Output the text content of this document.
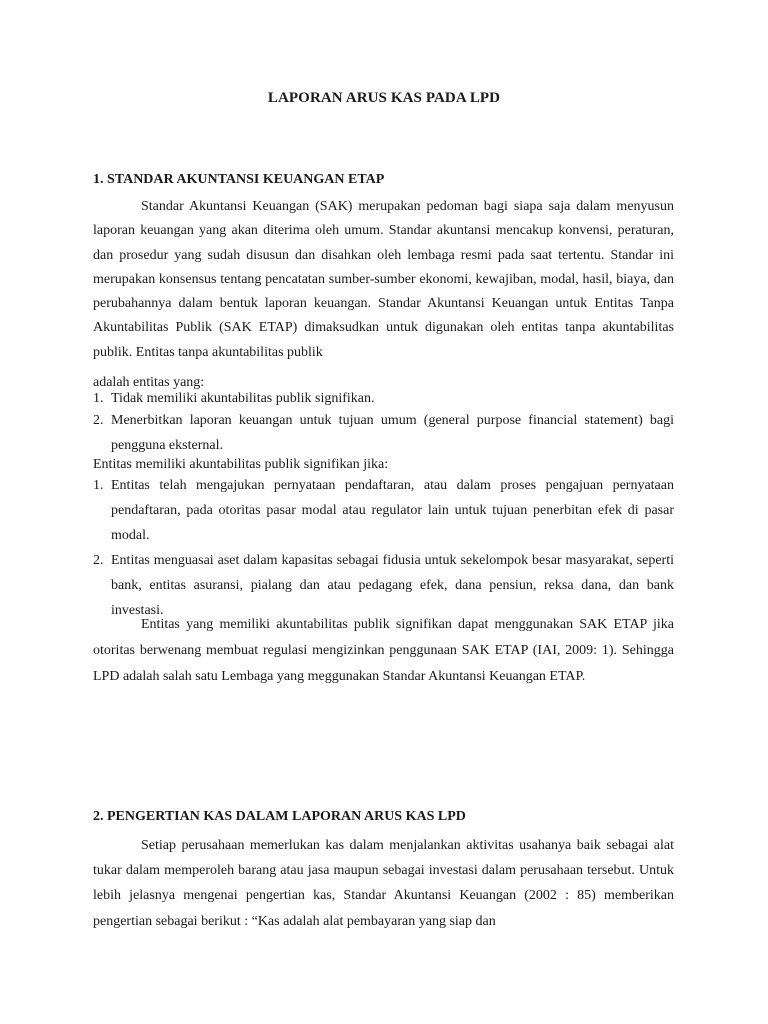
LAPORAN ARUS KAS PADA LPD
1. STANDAR AKUNTANSI KEUANGAN ETAP

Standar Akuntansi Keuangan (SAK) merupakan pedoman bagi siapa saja dalam menyusun laporan keuangan yang akan diterima oleh umum. Standar akuntansi mencakup konvensi, peraturan, dan prosedur yang sudah disusun dan disahkan oleh lembaga resmi pada saat tertentu. Standar ini merupakan konsensus tentang pencatatan sumber-sumber ekonomi, kewajiban, modal, hasil, biaya, dan perubahannya dalam bentuk laporan keuangan. Standar Akuntansi Keuangan untuk Entitas Tanpa Akuntabilitas Publik (SAK ETAP) dimaksudkan untuk digunakan oleh entitas tanpa akuntabilitas publik. Entitas tanpa akuntabilitas publik

adalah entitas yang:

1. Tidak memiliki akuntabilitas publik signifikan.
2. Menerbitkan laporan keuangan untuk tujuan umum (general purpose financial statement) bagi pengguna eksternal.

Entitas memiliki akuntabilitas publik signifikan jika:

1. Entitas telah mengajukan pernyataan pendaftaran, atau dalam proses pengajuan pernyataan pendaftaran, pada otoritas pasar modal atau regulator lain untuk tujuan penerbitan efek di pasar modal.
2. Entitas menguasai aset dalam kapasitas sebagai fidusia untuk sekelompok besar masyarakat, seperti bank, entitas asuransi, pialang dan atau pedagang efek, dana pensiun, reksa dana, dan bank investasi.

Entitas yang memiliki akuntabilitas publik signifikan dapat menggunakan SAK ETAP jika otoritas berwenang membuat regulasi mengizinkan penggunaan SAK ETAP (IAI, 2009: 1). Sehingga LPD adalah salah satu Lembaga yang meggunakan Standar Akuntansi Keuangan ETAP.

2. PENGERTIAN KAS DALAM LAPORAN ARUS KAS LPD

Setiap perusahaan memerlukan kas dalam menjalankan aktivitas usahanya baik sebagai alat tukar dalam memperoleh barang atau jasa maupun sebagai investasi dalam perusahaan tersebut. Untuk lebih jelasnya mengenai pengertian kas, Standar Akuntansi Keuangan (2002 : 85) memberikan pengertian sebagai berikut : “Kas adalah alat pembayaran yang siap dan
